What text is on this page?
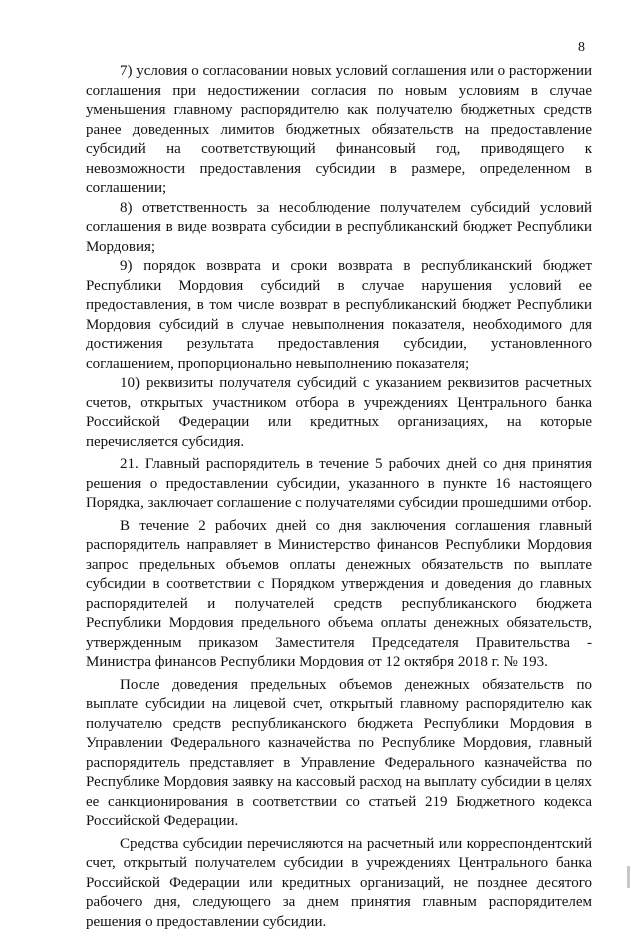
8

7) условия о согласовании новых условий соглашения или о расторжении соглашения при недостижении согласия по новым условиям в случае уменьшения главному распорядителю как получателю бюджетных средств ранее доведенных лимитов бюджетных обязательств на предоставление субсидий на соответствующий финансовый год, приводящего к невозможности предоставления субсидии в размере, определенном в соглашении;

8) ответственность за несоблюдение получателем субсидий условий соглашения в виде возврата субсидии в республиканский бюджет Республики Мордовия;

9) порядок возврата и сроки возврата в республиканский бюджет Республики Мордовия субсидий в случае нарушения условий ее предоставления, в том числе возврат в республиканский бюджет Республики Мордовия субсидий в случае невыполнения показателя, необходимого для достижения результата предоставления субсидии, установленного соглашением, пропорционально невыполнению показателя;

10) реквизиты получателя субсидий с указанием реквизитов расчетных счетов, открытых участником отбора в учреждениях Центрального банка Российской Федерации или кредитных организациях, на которые перечисляется субсидия.

21. Главный распорядитель в течение 5 рабочих дней со дня принятия решения о предоставлении субсидии, указанного в пункте 16 настоящего Порядка, заключает соглашение с получателями субсидии прошедшими отбор.

В течение 2 рабочих дней со дня заключения соглашения главный распорядитель направляет в Министерство финансов Республики Мордовия запрос предельных объемов оплаты денежных обязательств по выплате субсидии в соответствии с Порядком утверждения и доведения до главных распорядителей и получателей средств республиканского бюджета Республики Мордовия предельного объема оплаты денежных обязательств, утвержденным приказом Заместителя Председателя Правительства - Министра финансов Республики Мордовия от 12 октября 2018 г. № 193.

После доведения предельных объемов денежных обязательств по выплате субсидии на лицевой счет, открытый главному распорядителю как получателю средств республиканского бюджета Республики Мордовия в Управлении Федерального казначейства по Республике Мордовия, главный распорядитель представляет в Управление Федерального казначейства по Республике Мордовия заявку на кассовый расход на выплату субсидии в целях ее санкционирования в соответствии со статьей 219 Бюджетного кодекса Российской Федерации.

Средства субсидии перечисляются на расчетный или корреспондентский счет, открытый получателем субсидии в учреждениях Центрального банка Российской Федерации или кредитных организаций, не позднее десятого рабочего дня, следующего за днем принятия главным распорядителем решения о предоставлении субсидии.
